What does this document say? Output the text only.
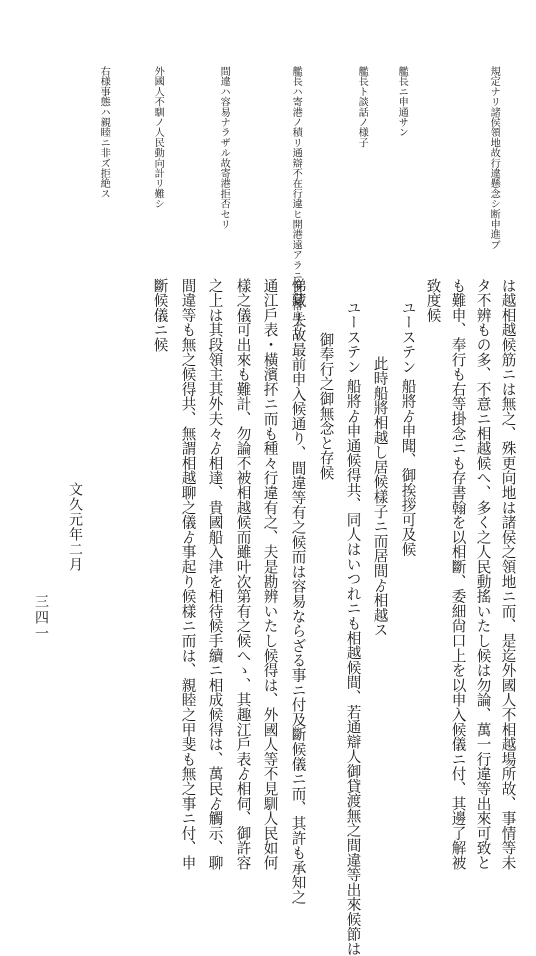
三四一
文久元年二月	は越相越候筋ニは無之、殊更向地は諸侯之領地ニ而、是迄外國人不相越場所故、事情等未
タ不辨もの多、不意ニ相越候へ、多く之人民動搖いたし候は勿論、萬一行違等出來可致と
も難申、奉行も右等掛念ニも存書翰を以相斷、委細尙口上を以申入候儀ニ付、其邊了解被
致度候
ユーステン 船將ゟ申聞、御挨拶可及候
此時船將相越し居候樣子ニ而居間ゟ相越ス
ユーステン 船將ゟ申通候得共、同人はいつれニも相越候間、若通辯人御貸渡無之間違等出來候節は
御奉行之御無念と存候
悌藏 夫故最前申入候通り、間違等有之候而は容易ならざる事ニ付及斷候儀ニ而、其許も承知之
通江戶表・橫濱抔ニ而も種々行違有之、夫是勘辨いたし候得は、外國人等不見馴人民如何
樣之儀可出來も難計、勿論不被相越候而雖叶次第有之候へゝ、其趣江戶表ゟ相伺、御許容
之上は其段領主其外夫々ゟ相達、貴國船入津を相待候手續ニ相成候得は、萬民ゟ觸示、聊
間違等も無之候得共、無謂相越聊之儀ゟ事起り候樣ニ而は、親睦之甲斐も無之事ニ付、申
斷候儀ニ候
規定ナリ諸侯領地故行違懸念シ断申進ブ
艦長ニ申通サン
艦長ト談話ノ様子
艦長ハ寄港ノ積リ通辯不在行違ヒ開港遠アラニ奉行落度ナリ
間違ハ容易ナラザル故寄港拒否セリ
外國人不馴ノ人民動向計リ難シ
右様事態ハ親睦ニ非ズ拒絶ス
